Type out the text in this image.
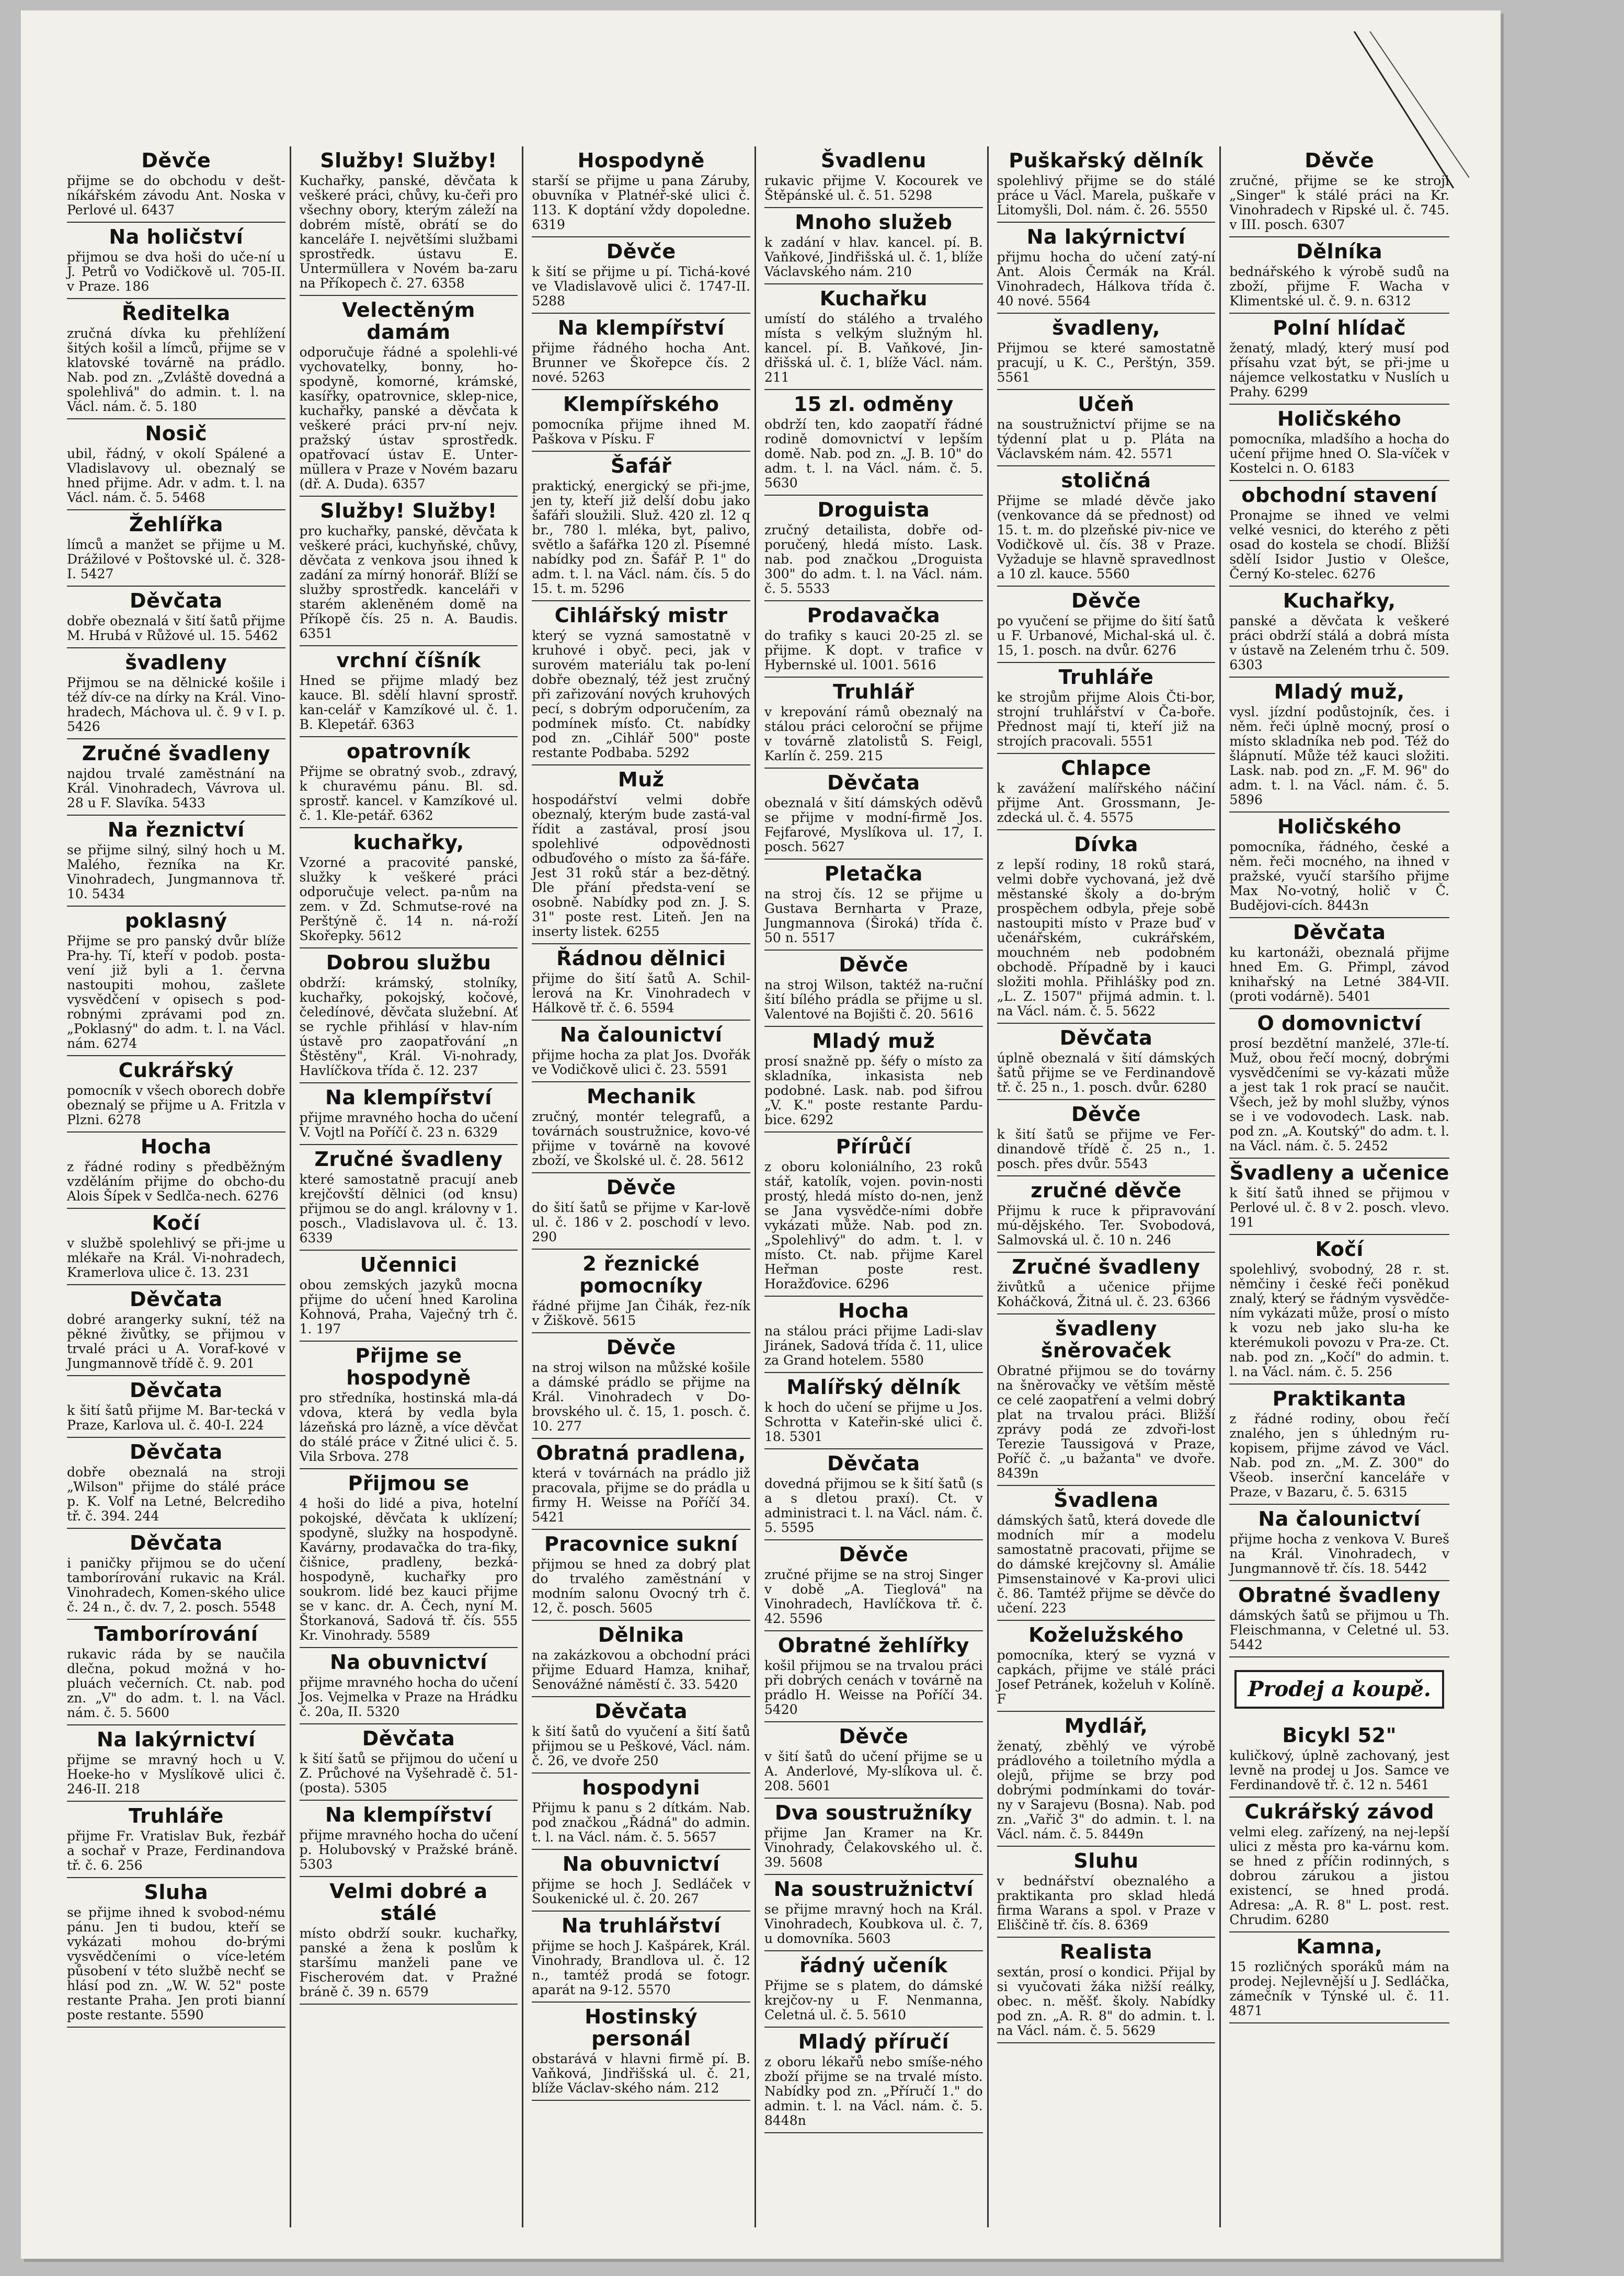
Děvče
přijme se do obchodu v dešt-níkářském závodu Ant. Noska v Perlové ul. 6437
Na holičství
přijmou se dva hoši do uče-ní u J. Petrů vo Vodičkově ul. 705-II. v Praze. 186
Ředitelka
zručná dívka ku přehlížení šitých košil a límců, přijme se v klatovské továrně na prádlo. Nab. pod zn. „Zvláště dovedná a spolehlivá" do admin. t. l. na Václ. nám. č. 5. 180
Nosič
ubil, řádný, v okolí Spálené a Vladislavovy ul. obeznalý se hned přijme. Adr. v adm. t. l. na Václ. nám. č. 5. 5468
Žehlířka
límců a manžet se přijme u M. Drážilové v Poštovské ul. č. 328-I. 5427
Děvčata
dobře obeznalá v šití šatů přijme M. Hrubá v Růžové ul. 15. 5462
švadleny
Přijmou se na dělnické košile i též dív-ce na dírky na Král. Vino-hradech, Máchova ul. č. 9 v I. p. 5426
Zručné švadleny
najdou trvalé zaměstnání na Král. Vinohradech, Vávrova ul. 28 u F. Slavíka. 5433
Na řeznictví
se přijme silný, silný hoch u M. Malého, řezníka na Kr. Vinohradech, Jungmannova tř. 10. 5434
poklasný
Přijme se pro panský dvůr blíže Pra-hy. Tí, kteří v podob. posta-vení již byli a 1. června nastoupiti mohou, zašlete vysvědčení v opisech s pod-robnými zprávami pod zn. „Poklasný" do adm. t. l. na Václ. nám. 6274
Cukrářský
pomocník v všech oborech dobře obeznalý se přijme u A. Fritzla v Plzni. 6278
Hocha
z řádné rodiny s předběžným vzděláním přijme do obcho-du Alois Šípek v Sedlča-nech. 6276
Kočí
v službě spolehlivý se při-jme u mlékaře na Král. Vi-nohradech, Kramerlova ulice č. 13. 231
Děvčata
dobré arangerky sukní, též na pěkné živůtky, se přijmou v trvalé práci u A. Voraf-kové v Jungmannově třídě č. 9. 201
Děvčata
k šití šatů přijme M. Bar-tecká v Praze, Karlova ul. č. 40-I. 224
Děvčata
dobře obeznalá na stroji „Wilson" přijme do stálé práce p. K. Volf na Letné, Belcrediho tř. č. 394. 244
Děvčata
i paničky přijmou se do učení tamborírování rukavic na Král. Vinohradech, Komen-ského ulice č. 24 n., č. dv. 7, 2. posch. 5548
Tamborírování
rukavic ráda by se naučila dlečna, pokud možná v ho-pluách večerních. Ct. nab. pod zn. „V" do adm. t. l. na Václ. nám. č. 5. 5600
Na lakýrnictví
přijme se mravný hoch u V. Hoeke-ho v Myslíkově ulici č. 246-II. 218
Truhláře
přijme Fr. Vratislav Buk, řezbář a sochař v Praze, Ferdinandova tř. č. 6. 256
Sluha
se přijme ihned k svobod-nému pánu. Jen ti budou, kteří se vykázati mohou do-brými vysvědčeními o více-letém působení v této službě nechť se hlásí pod zn. „W. W. 52" poste restante Praha. Jen proti bianní poste restante. 5590
Služby! Služby!
Kuchařky, panské, děvčata k veškeré práci, chůvy, ku-čeři pro všechny obory, kterým záleží na dobrém místě, obrátí se do kanceláře I. největšími službami sprostředk. ústavu E. Untermüllera v Novém ba-zaru na Příkopech č. 27. 6358
Velectěným damám
odporučuje řádné a spolehli-vé vychovatelky, bonny, ho-spodyně, komorné, krámské, kasířky, opatrovnice, sklep-nice, kuchařky, panské a děvčata k veškeré práci prv-ní nejv. pražský ústav sprostředk. opatřovací ústav E. Unter-müllera v Praze v Novém bazaru (dř. A. Duda). 6357
Služby! Služby!
pro kuchařky, panské, děvčata k veškeré práci, kuchyňské, chůvy, děvčata z venkova jsou ihned k zadání za mírný honorář. Blíží se služby sprostředk. kanceláři v starém akleněném domě na Příkopě čís. 25 n. A. Baudis. 6351
vrchní číšník
Hned se přijme mladý bez kauce. Bl. sdělí hlavní sprostř. kan-celář v Kamzíkové ul. č. 1. B. Klepetář. 6363
opatrovník
Přijme se obratný svob., zdravý, k churavému pánu. Bl. sd. sprostř. kancel. v Kamzíkové ul. č. 1. Kle-petář. 6362
kuchařky,
Vzorné a pracovité panské, služky k veškeré práci odporučuje velect. pa-nům na zem. v Zd. Schmutse-rové na Perštýně č. 14 n. ná-roží Skořepky. 5612
Dobrou službu
obdrží: krámský, stolníky, kuchařky, pokojský, kočové, čeledínové, děvčata služební. Ať se rychle přihlásí v hlav-ním ústavě pro zaopatřování „n Štěstěny", Král. Vi-nohrady, Havlíčkova třída č. 12. 237
Na klempířství
přijme mravného hocha do učení V. Vojtl na Poříčí č. 23 n. 6329
Zručné švadleny
které samostatně pracují aneb krejčovští dělnici (od knsu) přijmou se do angl. královny v 1. posch., Vladislavova ul. č. 13. 6339
Učennici
obou zemských jazyků mocna přijme do učení hned Karolina Kohnová, Praha, Vaječný trh č. 1. 197
Přijme se hospodyně
pro středníka, hostinská mla-dá vdova, která by vedla byla lázeňská pro lázně, a více děvčat do stálé práce v Žitné ulici č. 5. Vila Srbova. 278
Přijmou se
4 hoši do lidé a piva, hotelní pokojské, děvčata k uklízení; spodyně, služky na hospodyně. Kavárny, prodavačka do tra-fiky, čišnice, pradleny, bezká-hospodyně, kuchařky pro soukrom. lidé bez kauci přijme se v kanc. dr. A. Čech, nyní M. Štorkanová, Sadová tř. čís. 555 Kr. Vinohrady. 5589
Na obuvnictví
přijme mravného hocha do učení Jos. Vejmelka v Praze na Hrádku č. 20a, II. 5320
Děvčata
k šití šatů se přijmou do učení u Z. Průchové na Vyšehradě č. 51-(posta). 5305
Na klempířství
přijme mravného hocha do učení p. Holubovský v Pražské bráně. 5303
Velmi dobré a stálé
místo obdrží soukr. kuchařky, panské a žena k poslům k staršímu manželi pane ve Fischerovém dat. v Pražné bráně č. 39 n. 6579
Hospodyně
starší se přijme u pana Záruby, obuvníka v Platnéř-ské ulici č. 113. K doptání vždy dopoledne. 6319
Děvče
k šití se přijme u pí. Tichá-kové ve Vladislavově ulici č. 1747-II. 5288
Na klempířství
přijme řádného hocha Ant. Brunner ve Škořepce čís. 2 nové. 5263
Klempířského
pomocníka přijme ihned M. Paškova v Písku. F
Šafář
praktický, energický se při-jme, jen ty, kteří již delší dobu jako šafáři sloužili. Služ. 420 zl. 12 q br., 780 l. mléka, byt, palivo, světlo a šafářka 120 zl. Písemné nabídky pod zn. Šafář P. 1" do adm. t. l. na Václ. nám. čís. 5 do 15. t. m. 5296
Cihlářský mistr
který se vyzná samostatně v kruhové i obyč. peci, jak v surovém materiálu tak po-lení dobře obeznalý, též jest zručný při zařizování nových kruhových pecí, s dobrým odporučením, za podmínek mísťo. Ct. nabídky pod zn. „Cihlář 500" poste restante Podbaba. 5292
Muž
hospodářství velmi dobře obeznalý, kterým bude zastá-val řídit a zastával, prosí jsou spolehlivé odpovědnosti odbuďového o místo za šá-fáře. Jest 31 roků stár a bez-dětný. Dle přání předsta-vení se osobně. Nabídky pod zn. J. S. 31" poste rest. Liteň. Jen na inserty listek. 6255
Řádnou dělnici
přijme do šití šatů A. Schil-lerová na Kr. Vinohradech v Hálkově tř. č. 6. 5594
Na čalounictví
přijme hocha za plat Jos. Dvořák ve Vodičkově ulici č. 23. 5591
Mechanik
zručný, montér telegrafů, a továrnách soustružnice, kovo-vé přijme v továrně na kovové zboží, ve Školské ul. č. 28. 5612
Děvče
do šití šatů se přijme v Kar-lově ul. č. 186 v 2. poschodí v levo. 290
2 řeznické pomocníky
řádné přijme Jan Čihák, řez-ník v Žiškově. 5615
Děvče
na stroj wilson na můžské košile a dámské prádlo se přijme na Král. Vinohradech v Do-brovského ul. č. 15, 1. posch. č. 10. 277
Obratná pradlena,
která v továrnách na prádlo již pracovala, přijme se do prádla u firmy H. Weisse na Poříčí 34. 5421
Pracovnice sukní
přijmou se hned za dobrý plat do trvalého zaměstnání v modním salonu Ovocný trh č. 12, č. posch. 5605
Dělnika
na zakázkovou a obchodní práci přijme Eduard Hamza, knihař, Senovážné náměstí č. 33. 5420
Děvčata
k šití šatů do vyučení a šití šatů přijmou se u Peškové, Václ. nám. č. 26, ve dvoře 250
hospodyni
Přijmu k panu s 2 dítkám. Nab. pod značkou „Řádná" do admin. t. l. na Václ. nám. č. 5. 5657
Na obuvnictví
přijme se hoch J. Sedláček v Soukenické ul. č. 20. 267
Na truhlářství
přijme se hoch J. Kašpárek, Král. Vinohrady, Brandlova ul. č. 12 n., tamtéž prodá se fotogr. aparát na 9-12. 5570
Hostinský personál
obstarává v hlavni firmě pí. B. Vaňková, Jindřišská ul. č. 21, blíže Václav-ského nám. 212
Švadlenu
rukavic přijme V. Kocourek ve Štěpánské ul. č. 51. 5298
Mnoho služeb
k zadání v hlav. kancel. pí. B. Vaňkové, Jindřišská ul. č. 1, blíže Václavského nám. 210
Kuchařku
umístí do stálého a trvalého místa s velkým služným hl. kancel. pí. B. Vaňkové, Jin-dřišská ul. č. 1, blíže Václ. nám. 211
15 zl. odměny
obdrží ten, kdo zaopatří řádné rodině domovnictví v lepším domě. Nab. pod zn. „J. B. 10" do adm. t. l. na Václ. nám. č. 5. 5630
Droguista
zručný detailista, dobře od-poručený, hledá místo. Lask. nab. pod značkou „Droguista 300" do adm. t. l. na Václ. nám. č. 5. 5533
Prodavačka
do trafiky s kauci 20-25 zl. se přijme. K dopt. v trafice v Hybernské ul. 1001. 5616
Truhlář
v krepování rámů obeznalý na stálou práci celoroční se přijme v továrně zlatolistů S. Feigl, Karlín č. 259. 215
Děvčata
obeznalá v šití dámských oděvů se přijme v modní-firmě Jos. Fejfarové, Myslíkova ul. 17, I. posch. 5627
Pletačka
na stroj čís. 12 se přijme u Gustava Bernharta v Praze, Jungmannova (Široká) třída č. 50 n. 5517
Děvče
na stroj Wilson, taktéž na-ruční šití bílého prádla se přijme u sl. Valentové na Bojišti č. 20. 5616
Mladý muž
prosí snažně pp. šéfy o místo za skladníka, inkasista neb podobné. Lask. nab. pod šifrou „V. K." poste restante Pardu-bice. 6292
Přírůčí
z oboru koloniálního, 23 roků stář, katolík, vojen. povin-nosti prostý, hledá místo do-nen, jenž se Jana vysvědče-ními dobře vykázati může. Nab. pod zn. „Spolehlivý" do adm. t. l. v místo. Ct. nab. přijme Karel Heřman poste rest. Horažďovice. 6296
Hocha
na stálou práci přijme Ladi-slav Jiránek, Sadová třída č. 11, ulice za Grand hotelem. 5580
Malířský dělník
k hoch do učení se přijme u Jos. Schrotta v Kateřin-ské ulici č. 18. 5301
Děvčata
dovedná přijmou se k šití šatů (s a s dletou praxí). Ct. v administraci t. l. na Václ. nám. č. 5. 5595
Děvče
zručné přijme se na stroj Singer v době „A. Tieglová" na Vinohradech, Havlíčkova tř. č. 42. 5596
Obratné žehlířky
košil přijmou se na trvalou práci při dobrých cenách v továrně na prádlo H. Weisse na Poříčí 34. 5420
Děvče
v šití šatů do učení přijme se u A. Anderlové, My-slíkova ul. č. 208. 5601
Dva soustružníky
přijme Jan Kramer na Kr. Vinohrady, Čelakovského ul. č. 39. 5608
Na soustružnictví
se přijme mravný hoch na Král. Vinohradech, Koubkova ul. č. 7, u domovníka. 5603
řádný učeník
Přijme se s platem, do dámské krejčov-ny u F. Nenmanna, Celetná ul. č. 5. 5610
Mladý příručí
z oboru lékařů nebo smíše-ného zboží přijme se na trvalé místo. Nabídky pod zn. „Příručí 1." do admin. t. l. na Václ. nám. č. 5. 8448n
Puškařský dělník
spolehlivý přijme se do stálé práce u Václ. Marela, puškaře v Litomyšli, Dol. nám. č. 26. 5550
Na lakýrnictví
přijmu hocha do učení zatý-ní Ant. Alois Čermák na Král. Vinohradech, Hálkova třída č. 40 nové. 5564
švadleny,
Přijmou se které samostatně pracují, u K. C., Perštýn, 359. 5561
Učeň
na soustružnictví přijme se na týdenní plat u p. Pláta na Václavském nám. 42. 5571
stoličná
Přijme se mladé děvče jako (venkovance dá se přednost) od 15. t. m. do plzeňské piv-nice ve Vodičkově ul. čís. 38 v Praze. Vyžaduje se hlavně spravedlnost a 10 zl. kauce. 5560
Děvče
po vyučení se přijme do šití šatů u F. Urbanové, Michal-ská ul. č. 15, 1. posch. na dvůr. 6276
Truhláře
ke strojům přijme Alois Čti-bor, strojní truhlářství v Ča-boře. Přednost mají ti, kteří již na strojích pracovali. 5551
Chlapce
k zavážení malířského náčiní přijme Ant. Grossmann, Je-zdecká ul. č. 4. 5575
Dívka
z lepší rodiny, 18 roků stará, velmi dobře vychovaná, jež dvě městanské školy a do-brým prospěchem odbyla, přeje sobě nastoupiti místo v Praze buď v učenářském, cukrářském, mouchném neb podobném obchodě. Případně by i kauci složiti mohla. Přihlášky pod zn. „L. Z. 1507" přijmá admin. t. l. na Václ. nám. č. 5. 5622
Děvčata
úplně obeznalá v šití dámských šatů přijme se ve Ferdinandově tř. č. 25 n., 1. posch. dvůr. 6280
Děvče
k šití šatů se přijme ve Fer-dinandově třídě č. 25 n., 1. posch. přes dvůr. 5543
zručné děvče
Přijmu k ruce k připravování mú-dějského. Ter. Svobodová, Salmovská ul. č. 10 n. 246
Zručné švadleny
živůtků a učenice přijme Koháčková, Žitná ul. č. 23. 6366
švadleny šněrovaček
Obratné přijmou se do továrny na šněrovačky ve větším městě ce celé zaopatření a velmi dobrý plat na trvalou práci. Bližší zprávy podá ze zdvoři-lost Terezie Taussigová v Praze, Poříč č. „u bažanta" ve dvoře. 8439n
Švadlena
dámských šatů, která dovede dle modních mír a modelu samostatně pracovati, přijme se do dámské krejčovny sl. Amálie Pimsenstainové v Ka-provi ulici č. 86. Tamtéž přijme se děvče do učení. 223
Koželužského
pomocníka, který se vyzná v capkách, přijme ve stálé práci Josef Petránek, koželuh v Kolíně. F
Mydlář,
ženatý, zběhlý ve výrobě prádlového a toiletního mýdla a olejů, přijme se brzy pod dobrými podmínkami do továr-ny v Sarajevu (Bosna). Nab. pod zn. „Vařič 3" do admin. t. l. na Václ. nám. č. 5. 8449n
Sluhu
v bednářství obeznalého a praktikanta pro sklad hledá firma Warans a spol. v Praze v Eliščině tř. čís. 8. 6369
Realista
sextán, prosí o kondici. Přijal by si vyučovati žáka nižší reálky, obec. n. měšť. školy. Nabídky pod zn. „A. R. 8" do admin. t. l. na Václ. nám. č. 5. 5629
Děvče
zručné, přijme se ke stroji „Singer" k stálé práci na Kr. Vinohradech v Ripské ul. č. 745. v III. posch. 6307
Dělníka
bednářského k výrobě sudů na zboží, přijme F. Wacha v Klimentské ul. č. 9. n. 6312
Polní hlídač
ženatý, mladý, který musí pod přísahu vzat být, se při-jme u nájemce velkostatku v Nuslích u Prahy. 6299
Holičského
pomocníka, mladšího a hocha do učení přijme hned O. Sla-víček v Kostelci n. O. 6183
obchodní stavení
Pronajme se ihned ve velmi velké vesnici, do kterého z pěti osad do kostela se chodí. Bližší sdělí Isidor Justio v Olešce, Černý Ko-stelec. 6276
Kuchařky,
panské a děvčata k veškeré práci obdrží stálá a dobrá místa v ústavě na Zeleném trhu č. 509. 6303
Mladý muž,
vysl. jízdní podůstojník, čes. i něm. řeči úplně mocný, prosí o místo skladníka neb pod. Též do šlápnutí. Může též kauci složiti. Lask. nab. pod zn. „F. M. 96" do adm. t. l. na Václ. nám. č. 5. 5896
Holičského
pomocníka, řádného, české a něm. řeči mocného, na ihned v pražské, vyučí staršího přijme Max No-votný, holič v Č. Budějovi-cích. 8443n
Děvčata
ku kartonáži, obeznalá přijme hned Em. G. Přimpl, závod knihařský na Letné 384-VII. (proti vodárně). 5401
O domovnictví
prosí bezdětní manželé, 37le-tí. Muž, obou řečí mocný, dobrými vysvědčeními se vy-kázati může a jest tak 1 rok prací se naučit. Všech, jež by mohl služby, výnos se i ve vodovodech. Lask. nab. pod zn. „A. Koutský" do adm. t. l. na Václ. nám. č. 5. 2452
Švadleny a učenice
k šití šatů ihned se přijmou v Perlové ul. č. 8 v 2. posch. vlevo. 191
Kočí
spolehlivý, svobodný, 28 r. st. němčiny i české řeči poněkud znalý, který se řádným vysvědče-ním vykázati může, prosí o místo k vozu neb jako slu-ha ke kterémukoli povozu v Pra-ze. Ct. nab. pod zn. „Kočí" do admin. t. l. na Václ. nám. č. 5. 256
Praktikanta
z řádné rodiny, obou řečí znalého, jen s úhledným ru-kopisem, přijme závod ve Václ. Nab. pod zn. „M. Z. 300" do Všeob. inserční kanceláře v Praze, v Bazaru, č. 5. 6315
Na čalounictví
přijme hocha z venkova V. Bureš na Král. Vinohradech, v Jungmannově tř. čís. 18. 5442
Obratné švadleny
dámských šatů se přijmou u Th. Fleischmanna, v Celetné ul. 53. 5442
Prodej a koupě.
Bicykl 52"
kuličkový, úplně zachovaný, jest levně na prodej u Jos. Samce ve Ferdinandově tř. č. 12 n. 5461
Cukrářský závod
velmi eleg. zařízený, na nej-lepší ulici z města pro ka-várnu kom. se hned z příčin rodinných, s dobrou zárukou a jistou existencí, se hned prodá. Adresa: „A. R. 8" L. post. rest. Chrudim. 6280
Kamna,
15 rozličných sporáků mám na prodej. Nejlevnější u J. Sedláčka, zámečník v Týnské ul. č. 11. 4871
